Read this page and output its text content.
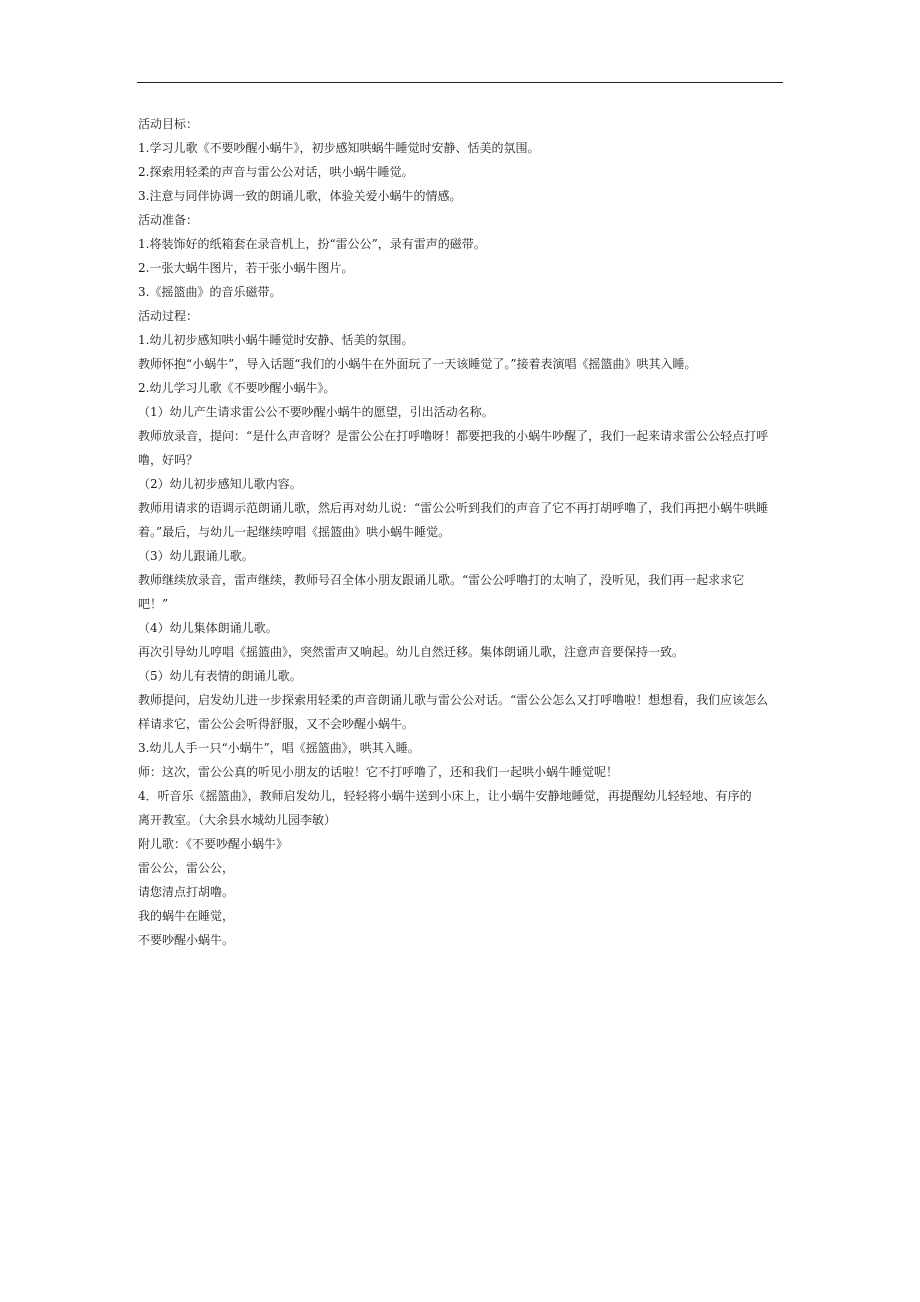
活动目标：
1.学习儿歌《不要吵醒小蜗牛》，初步感知哄蜗牛睡觉时安静、恬美的氛围。
2.探索用轻柔的声音与雷公公对话，哄小蜗牛睡觉。
3.注意与同伴协调一致的朗诵儿歌，体验关爱小蜗牛的情感。
活动准备：
1.将装饰好的纸箱套在录音机上，扮“雷公公”，录有雷声的磁带。
2.一张大蜗牛图片，若干张小蜗牛图片。
3.《摇篮曲》的音乐磁带。
活动过程：
1.幼儿初步感知哄小蜗牛睡觉时安静、恬美的氛围。
教师怀抱“小蜗牛”，导入话题“我们的小蜗牛在外面玩了一天该睡觉了。”接着表演唱《摇篮曲》哄其入睡。
2.幼儿学习儿歌《不要吵醒小蜗牛》。
（1）幼儿产生请求雷公公不要吵醒小蜗牛的愿望，引出活动名称。
教师放录音，提问：“是什么声音呀？是雷公公在打呼噜呀！都要把我的小蜗牛吵醒了，我们一起来请求雷公公轻点打呼
噜，好吗？
（2）幼儿初步感知儿歌内容。
教师用请求的语调示范朗诵儿歌，然后再对幼儿说：“雷公公听到我们的声音了它不再打胡呼噜了，我们再把小蜗牛哄睡
着。”最后，与幼儿一起继续哼唱《摇篮曲》哄小蜗牛睡觉。
（3）幼儿跟诵儿歌。
教师继续放录音，雷声继续，教师号召全体小朋友跟诵儿歌。“雷公公呼噜打的太响了，没听见，我们再一起求求它
吧！”
（4）幼儿集体朗诵儿歌。
再次引导幼儿哼唱《摇篮曲》，突然雷声又响起。幼儿自然迁移。集体朗诵儿歌，注意声音要保持一致。
（5）幼儿有表情的朗诵儿歌。
教师提问，启发幼儿进一步探索用轻柔的声音朗诵儿歌与雷公公对话。“雷公公怎么又打呼噜啦！想想看，我们应该怎么
样请求它，雷公公会听得舒服，又不会吵醒小蜗牛。
3.幼儿人手一只“小蜗牛”，唱《摇篮曲》，哄其入睡。
师：这次，雷公公真的听见小朋友的话啦！它不打呼噜了，还和我们一起哄小蜗牛睡觉呢！
4．听音乐《摇篮曲》，教师启发幼儿，轻轻将小蜗牛送到小床上，让小蜗牛安静地睡觉，再提醒幼儿轻轻地、有序的
离开教室。（大余县水城幼儿园李敏）
附儿歌：《不要吵醒小蜗牛》
雷公公，雷公公，
请您清点打胡噜。
我的蜗牛在睡觉，
不要吵醒小蜗牛。
